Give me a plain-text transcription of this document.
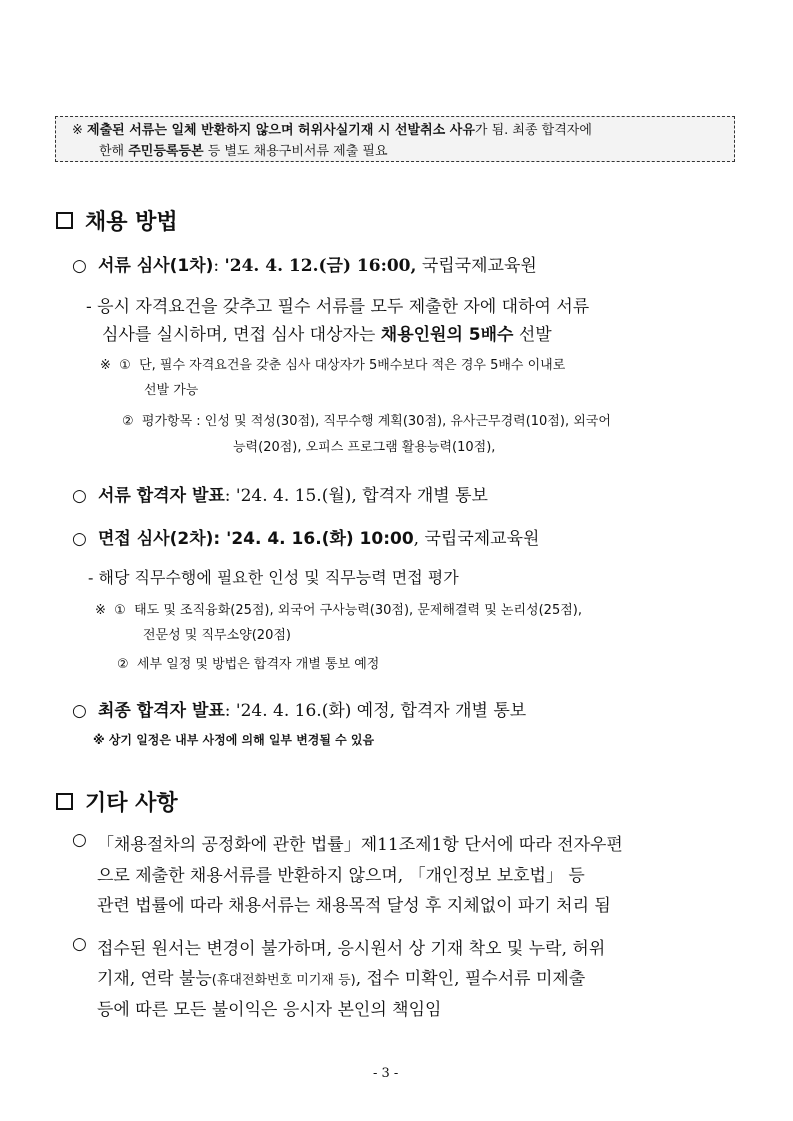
※ 제출된 서류는 일체 반환하지 않으며 허위사실기재 시 선발취소 사유가 됨. 최종 합격자에
한해 주민등록등본 등 별도 채용구비서류 제출 필요
채용 방법
○ 서류 심사(1차): '24. 4. 12.(금) 16:00, 국립국제교육원
- 응시 자격요건을 갖추고 필수 서류를 모두 제출한 자에 대하여 서류
심사를 실시하며, 면접 심사 대상자는 채용인원의 5배수 선발
※ ① 단, 필수 자격요건을 갖춘 심사 대상자가 5배수보다 적은 경우 5배수 이내로
선발 가능
② 평가항목 : 인성 및 적성(30점), 직무수행 계획(30점), 유사근무경력(10점), 외국어
능력(20점), 오피스 프로그램 활용능력(10점),
○ 서류 합격자 발표: '24. 4. 15.(월), 합격자 개별 통보
○ 면접 심사(2차): '24. 4. 16.(화) 10:00, 국립국제교육원
- 해당 직무수행에 필요한 인성 및 직무능력 면접 평가
※ ① 태도 및 조직융화(25점), 외국어 구사능력(30점), 문제해결력 및 논리성(25점),
전문성 및 직무소양(20점)
② 세부 일정 및 방법은 합격자 개별 통보 예정
○ 최종 합격자 발표: '24. 4. 16.(화) 예정, 합격자 개별 통보
※ 상기 일정은 내부 사정에 의해 일부 변경될 수 있음
기타 사항
○ 「채용절차의 공정화에 관한 법률」제11조제1항 단서에 따라 전자우편
으로 제출한 채용서류를 반환하지 않으며, 「개인정보 보호법」 등
관련 법률에 따라 채용서류는 채용목적 달성 후 지체없이 파기 처리 됨
○ 접수된 원서는 변경이 불가하며, 응시원서 상 기재 착오 및 누락, 허위
기재, 연락 불능(휴대전화번호 미기재 등), 접수 미확인, 필수서류 미제출
등에 따른 모든 불이익은 응시자 본인의 책임임
- 3 -
